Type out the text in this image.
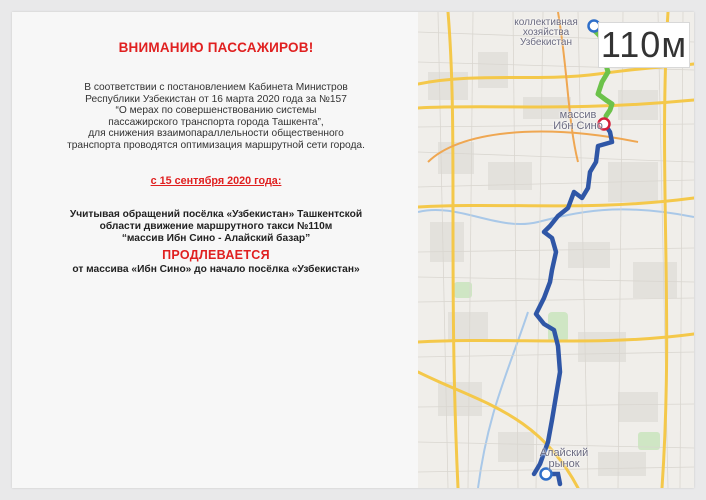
ВНИМАНИЮ ПАССАЖИРОВ!
В соответствии с постановлением Кабинета Министров
Республики Узбекистан от 16 марта 2020 года за №157
“О мерах по совершенствованию системы
пассажирского транспорта города Ташкента”,
для снижения взаимопараллельности общественного
транспорта проводятся оптимизация маршрутной сети города.
с 15 сентября 2020 года:
Учитывая обращений посёлка «Узбекистан» Ташкентской
области движение маршрутного такси №110м
“массив Ибн Сино - Алайский базар”
ПРОДЛЕВАЕТСЯ
от массива «Ибн Сино» до начало посёлка «Узбекистан»
коллективная
хозяйства
Узбекистан
массив
Ибн Сино
Алайский
рынок
110м
